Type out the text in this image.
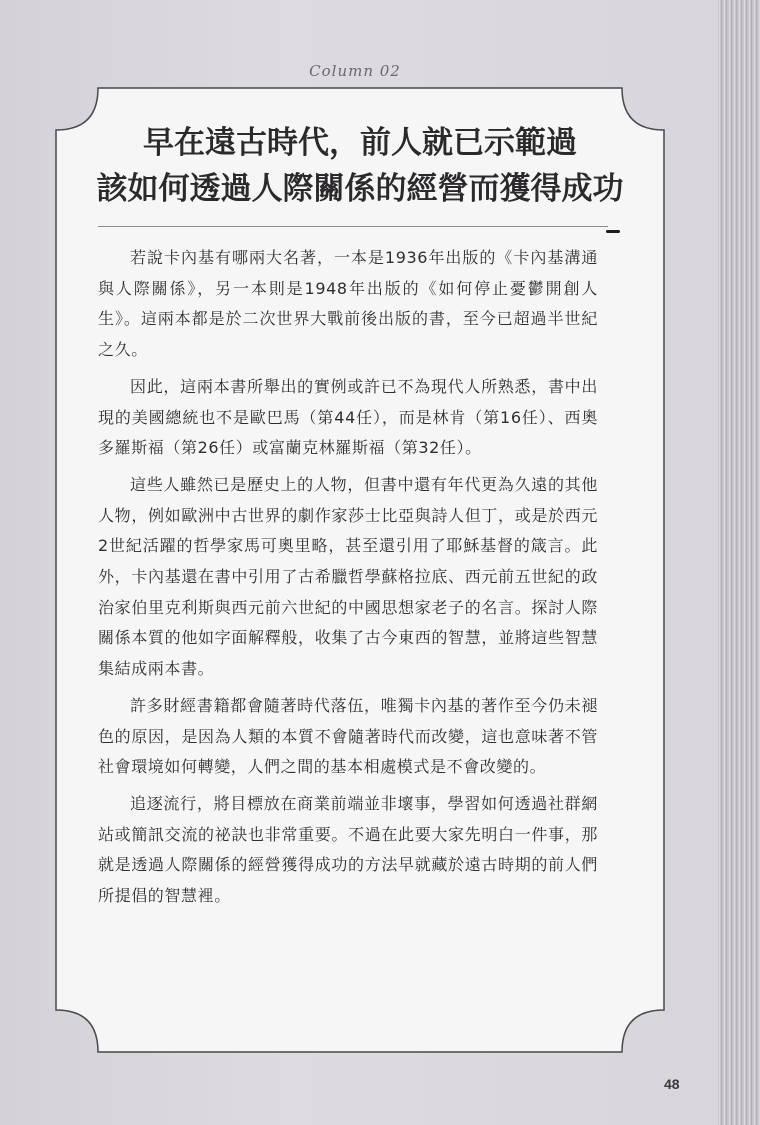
Column 02
早在遠古時代，前人就已示範過
該如何透過人際關係的經營而獲得成功

若說卡內基有哪兩大名著，一本是1936年出版的《卡內基溝通與人際關係》，另一本則是1948年出版的《如何停止憂鬱開創人生》。這兩本都是於二次世界大戰前後出版的書，至今已超過半世紀之久。

因此，這兩本書所舉出的實例或許已不為現代人所熟悉，書中出現的美國總統也不是歐巴馬（第44任），而是林肯（第16任）、西奧多羅斯福（第26任）或富蘭克林羅斯福（第32任）。

這些人雖然已是歷史上的人物，但書中還有年代更為久遠的其他人物，例如歐洲中古世界的劇作家莎士比亞與詩人但丁，或是於西元2世紀活躍的哲學家馬可奧里略，甚至還引用了耶穌基督的箴言。此外，卡內基還在書中引用了古希臘哲學蘇格拉底、西元前五世紀的政治家伯里克利斯與西元前六世紀的中國思想家老子的名言。探討人際關係本質的他如字面解釋般，收集了古今東西的智慧，並將這些智慧集結成兩本書。

許多財經書籍都會隨著時代落伍，唯獨卡內基的著作至今仍未褪色的原因，是因為人類的本質不會隨著時代而改變，這也意味著不管社會環境如何轉變，人們之間的基本相處模式是不會改變的。

追逐流行，將目標放在商業前端並非壞事，學習如何透過社群網站或簡訊交流的祕訣也非常重要。不過在此要大家先明白一件事，那就是透過人際關係的經營獲得成功的方法早就藏於遠古時期的前人們所提倡的智慧裡。

48
